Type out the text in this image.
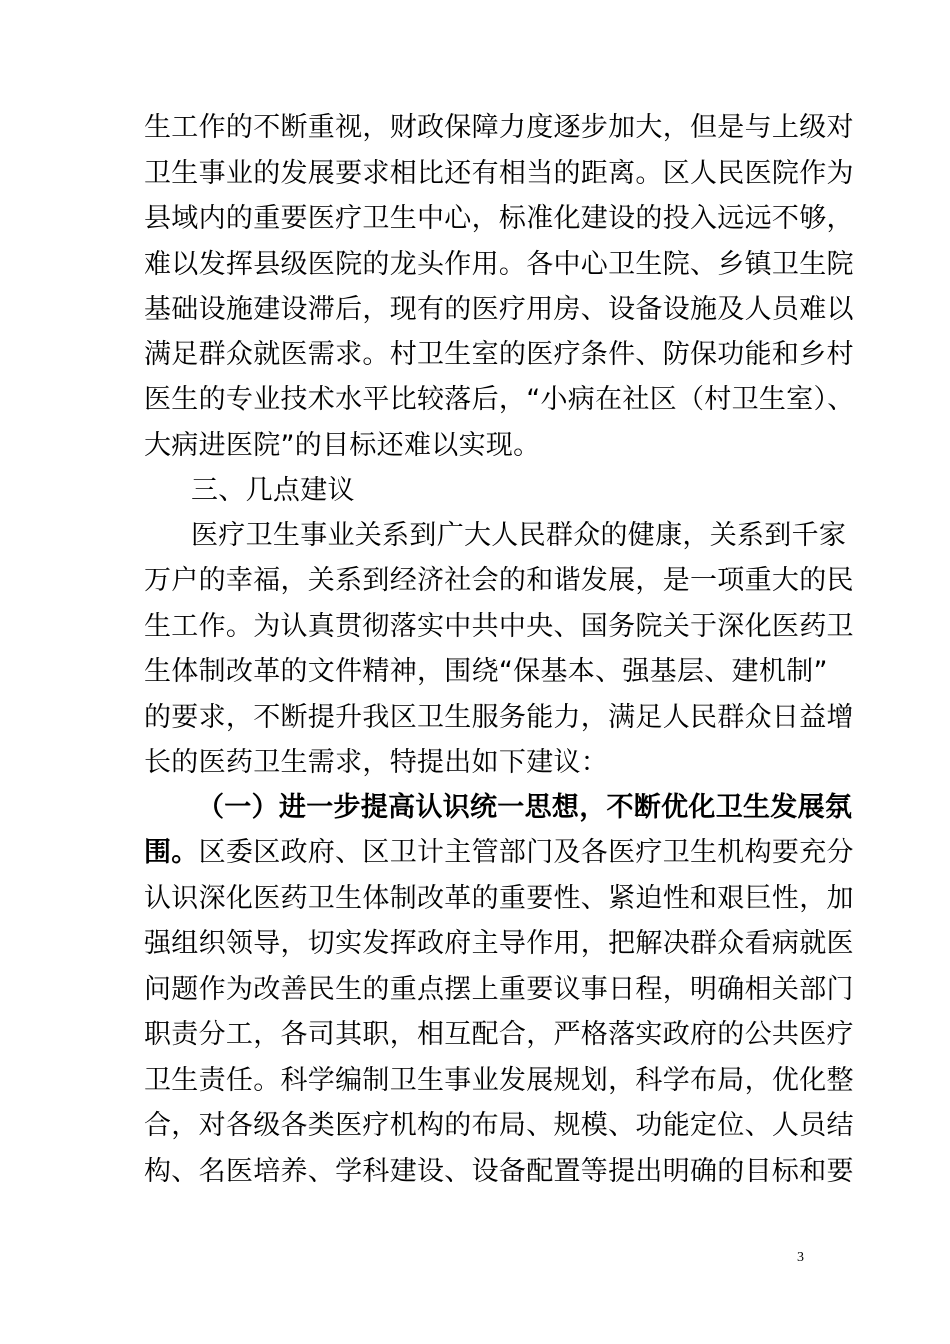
生工作的不断重视，财政保障力度逐步加大，但是与上级对
卫生事业的发展要求相比还有相当的距离。区人民医院作为
县域内的重要医疗卫生中心，标准化建设的投入远远不够，
难以发挥县级医院的龙头作用。各中心卫生院、乡镇卫生院
基础设施建设滞后，现有的医疗用房、设备设施及人员难以
满足群众就医需求。村卫生室的医疗条件、防保功能和乡村
医生的专业技术水平比较落后，“小病在社区（村卫生室）、
大病进医院”的目标还难以实现。
三、几点建议
医疗卫生事业关系到广大人民群众的健康，关系到千家
万户的幸福，关系到经济社会的和谐发展，是一项重大的民
生工作。为认真贯彻落实中共中央、国务院关于深化医药卫
生体制改革的文件精神，围绕“保基本、强基层、建机制”
的要求，不断提升我区卫生服务能力，满足人民群众日益增
长的医药卫生需求，特提出如下建议：
（一）进一步提高认识统一思想，不断优化卫生发展氛
围。区委区政府、区卫计主管部门及各医疗卫生机构要充分
认识深化医药卫生体制改革的重要性、紧迫性和艰巨性，加
强组织领导，切实发挥政府主导作用，把解决群众看病就医
问题作为改善民生的重点摆上重要议事日程，明确相关部门
职责分工，各司其职，相互配合，严格落实政府的公共医疗
卫生责任。科学编制卫生事业发展规划，科学布局，优化整
合，对各级各类医疗机构的布局、规模、功能定位、人员结
构、名医培养、学科建设、设备配置等提出明确的目标和要
3
